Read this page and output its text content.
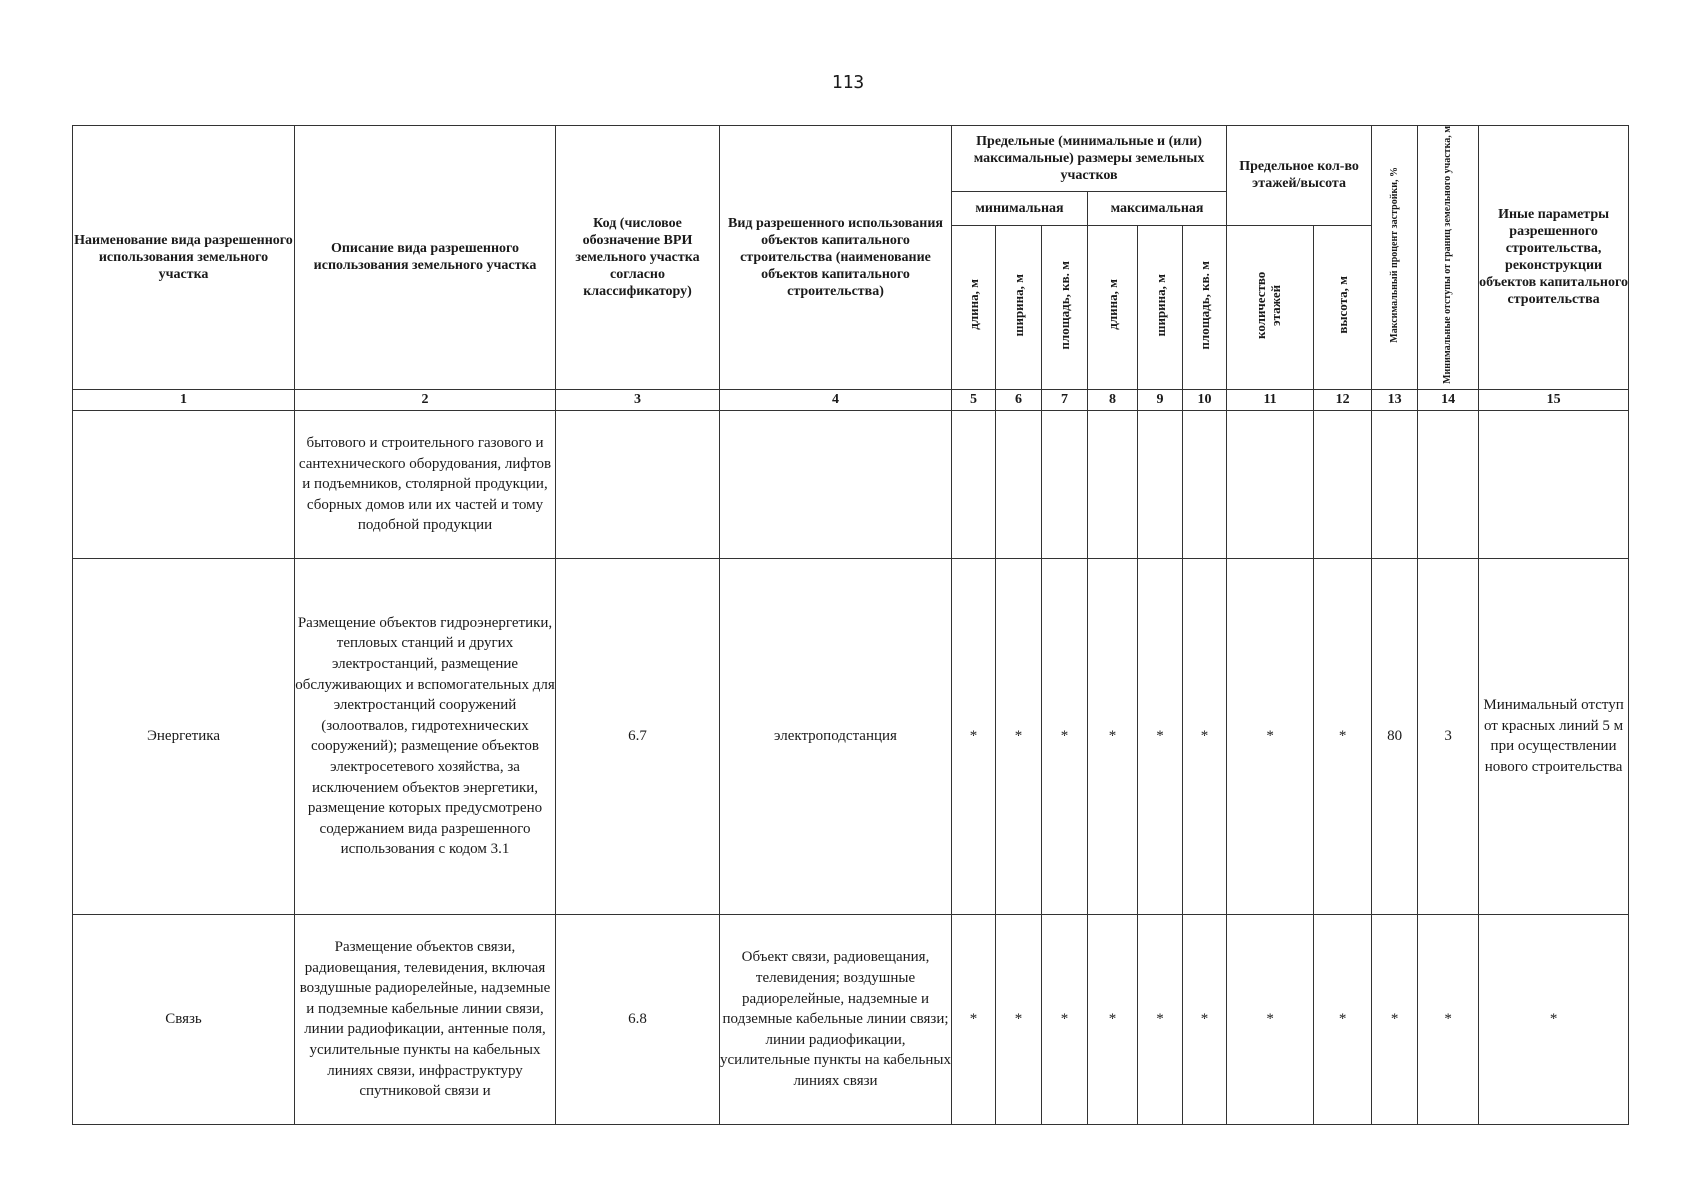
113
Наименование вида разрешенного использования земельного участка	Описание вида разрешенного использования земельного участка	Код (числовое обозначение ВРИ земельного участка согласно классификатору)	Вид разрешенного использования объектов капитального строительства (наименование объектов капитального строительства)	Предельные (минимальные и (или) максимальные) размеры земельных участков						Предельное кол-во этажей/высота		Максимальный процент застройки, %	Минимальные отступы от границ земельного участка, м	Иные параметры разрешенного строительства, реконструкции объектов капитального строительства
				минимальная			максимальная							
				длина, м	ширина, м	площадь, кв. м	длина, м	ширина, м	площадь, кв. м	количество этажей	высота, м			
1	2	3	4	5	6	7	8	9	10	11	12	13	14	15
	бытового и строительного газового и сантехнического оборудования, лифтов и подъемников, столярной продукции, сборных домов или их частей и тому подобной продукции													
Энергетика	Размещение объектов гидроэнергетики, тепловых станций и других электростанций, размещение обслуживающих и вспомогательных для электростанций сооружений (золоотвалов, гидротехнических сооружений); размещение объектов электросетевого хозяйства, за исключением объектов энергетики, размещение которых предусмотрено содержанием вида разрешенного использования с кодом 3.1	6.7	электроподстанция	*	*	*	*	*	*	*	*	80	3	Минимальный отступ от красных линий 5 м при осуществлении нового строительства
Связь	Размещение объектов связи, радиовещания, телевидения, включая воздушные радиорелейные, надземные и подземные кабельные линии связи, линии радиофикации, антенные поля, усилительные пункты на кабельных линиях связи, инфраструктуру спутниковой связи и	6.8	Объект связи, радиовещания, телевидения; воздушные радиорелейные, надземные и подземные кабельные линии связи; линии радиофикации, усилительные пункты на кабельных линиях связи	*	*	*	*	*	*	*	*	*	*	*
